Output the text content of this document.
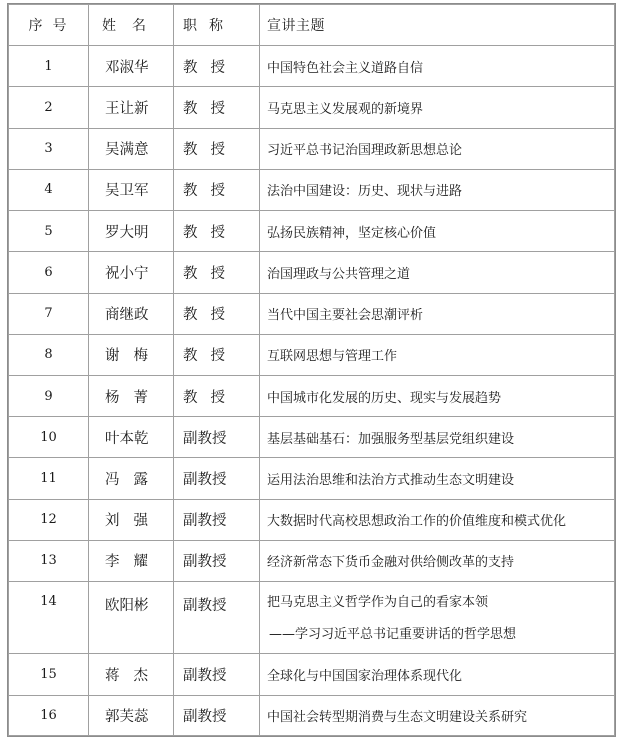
序号	姓名	职称	宣讲主题
1	邓淑华	教授	中国特色社会主义道路自信
2	王让新	教授	马克思主义发展观的新境界
3	吴满意	教授	习近平总书记治国理政新思想总论
4	吴卫军	教授	法治中国建设：历史、现状与进路
5	罗大明	教授	弘扬民族精神，坚定核心价值
6	祝小宁	教授	治国理政与公共管理之道
7	商继政	教授	当代中国主要社会思潮评析
8	谢梅	教授	互联网思想与管理工作
9	杨菁	教授	中国城市化发展的历史、现实与发展趋势
10	叶本乾	副教授	基层基础基石：加强服务型基层党组织建设
11	冯露	副教授	运用法治思维和法治方式推动生态文明建设
12	刘强	副教授	大数据时代高校思想政治工作的价值维度和模式优化
13	李耀	副教授	经济新常态下货币金融对供给侧改革的支持
14	欧阳彬	副教授	把马克思主义哲学作为自己的看家本领
——学习习近平总书记重要讲话的哲学思想

15	蒋杰	副教授	全球化与中国国家治理体系现代化
16	郭芙蕊	副教授	中国社会转型期消费与生态文明建设关系研究
